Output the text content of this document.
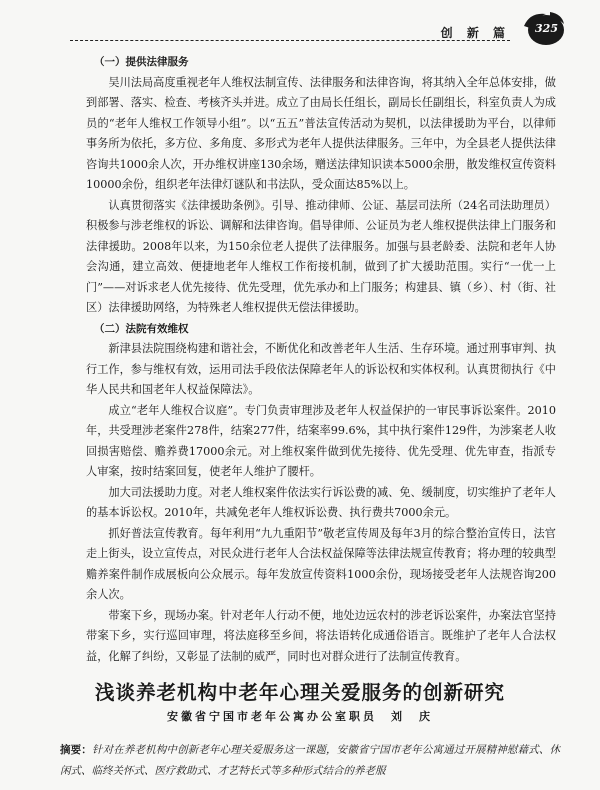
创 新 篇 325

（一）提供法律服务

吴川法局高度重视老年人维权法制宣传、法律服务和法律咨询，将其纳入全年总体安排，做到部署、落实、检查、考核齐头并进。成立了由局长任组长，副局长任副组长，科室负责人为成员的“老年人维权工作领导小组”。以“五五”普法宣传活动为契机，以法律援助为平台，以律师事务所为依托，多方位、多角度、多形式为老年人提供法律服务。三年中，为全县老人提供法律咨询共1000余人次，开办维权讲座130余场，赠送法律知识读本5000余册，散发维权宣传资料10000余份，组织老年法律灯谜队和书法队，受众面达85%以上。

认真贯彻落实《法律援助条例》。引导、推动律师、公证、基层司法所（24名司法助理员）积极参与涉老维权的诉讼、调解和法律咨询。倡导律师、公证员为老人维权提供法律上门服务和法律援助。2008年以来，为150余位老人提供了法律服务。加强与县老龄委、法院和老年人协会沟通，建立高效、便捷地老年人维权工作衔接机制，做到了扩大援助范围。实行“一优一上门”——对诉求老人优先接待、优先受理，优先承办和上门服务；构建县、镇（乡）、村（街、社区）法律援助网络，为特殊老人维权提供无偿法律援助。

（二）法院有效维权

新津县法院围绕构建和谐社会，不断优化和改善老年人生活、生存环境。通过刑事审判、执行工作，参与维权有效，运用司法手段依法保障老年人的诉讼权和实体权利。认真贯彻执行《中华人民共和国老年人权益保障法》。

成立“老年人维权合议庭”。专门负责审理涉及老年人权益保护的一审民事诉讼案件。2010年，共受理涉老案件278件，结案277件，结案率99.6%，其中执行案件129件，为涉案老人收回损害赔偿、赡养费17000余元。对上维权案件做到优先接待、优先受理、优先审查，指派专人审案，按时结案回复，使老年人维护了腰杆。

加大司法援助力度。对老人维权案件依法实行诉讼费的减、免、缓制度，切实维护了老年人的基本诉讼权。2010年，共减免老年人维权诉讼费、执行费共7000余元。

抓好普法宣传教育。每年利用“九九重阳节”敬老宣传周及每年3月的综合整治宣传日，法官走上街头，设立宣传点，对民众进行老年人合法权益保障等法律法规宣传教育；将办理的较典型赡养案件制作成展板向公众展示。每年发放宣传资料1000余份，现场接受老年人法规咨询200余人次。

带案下乡，现场办案。针对老年人行动不便，地处边远农村的涉老诉讼案件，办案法官坚持带案下乡，实行巡回审理，将法庭移至乡间，将法语转化成通俗语言。既维护了老年人合法权益，化解了纠纷，又彰显了法制的威严，同时也对群众进行了法制宣传教育。

浅谈养老机构中老年心理关爱服务的创新研究
安徽省宁国市老年公寓办公室职员　刘　庆

摘要：针对在养老机构中创新老年心理关爱服务这一课题，安徽省宁国市老年公寓通过开展精神慰藉式、休闲式、临终关怀式、医疗救助式、才艺特长式等多种形式结合的养老服
